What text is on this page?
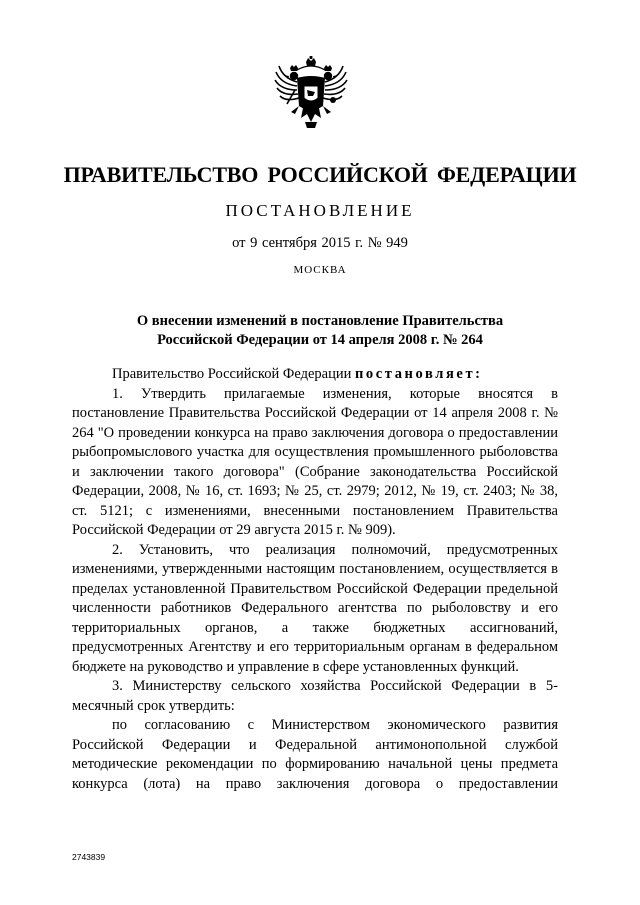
ПРАВИТЕЛЬСТВО РОССИЙСКОЙ ФЕДЕРАЦИИ
ПОСТАНОВЛЕНИЕ
от 9 сентября 2015 г. № 949
МОСКВА
О внесении изменений в постановление Правительства
Российской Федерации от 14 апреля 2008 г. № 264

Правительство Российской Федерации постановляет:

1. Утвердить прилагаемые изменения, которые вносятся в постановление Правительства Российской Федерации от 14 апреля 2008 г. № 264 "О проведении конкурса на право заключения договора о предоставлении рыбопромыслового участка для осуществления промышленного рыболовства и заключении такого договора" (Собрание законодательства Российской Федерации, 2008, № 16, ст. 1693; № 25, ст. 2979; 2012, № 19, ст. 2403; № 38, ст. 5121; с изменениями, внесенными постановлением Правительства Российской Федерации от 29 августа 2015 г. № 909).

2. Установить, что реализация полномочий, предусмотренных изменениями, утвержденными настоящим постановлением, осуществляется в пределах установленной Правительством Российской Федерации предельной численности работников Федерального агентства по рыболовству и его территориальных органов, а также бюджетных ассигнований, предусмотренных Агентству и его территориальным органам в федеральном бюджете на руководство и управление в сфере установленных функций.

3. Министерству сельского хозяйства Российской Федерации в 5-месячный срок утвердить:

по согласованию с Министерством экономического развития Российской Федерации и Федеральной антимонопольной службой методические рекомендации по формированию начальной цены предмета конкурса (лота) на право заключения договора о предоставлении

2743839
